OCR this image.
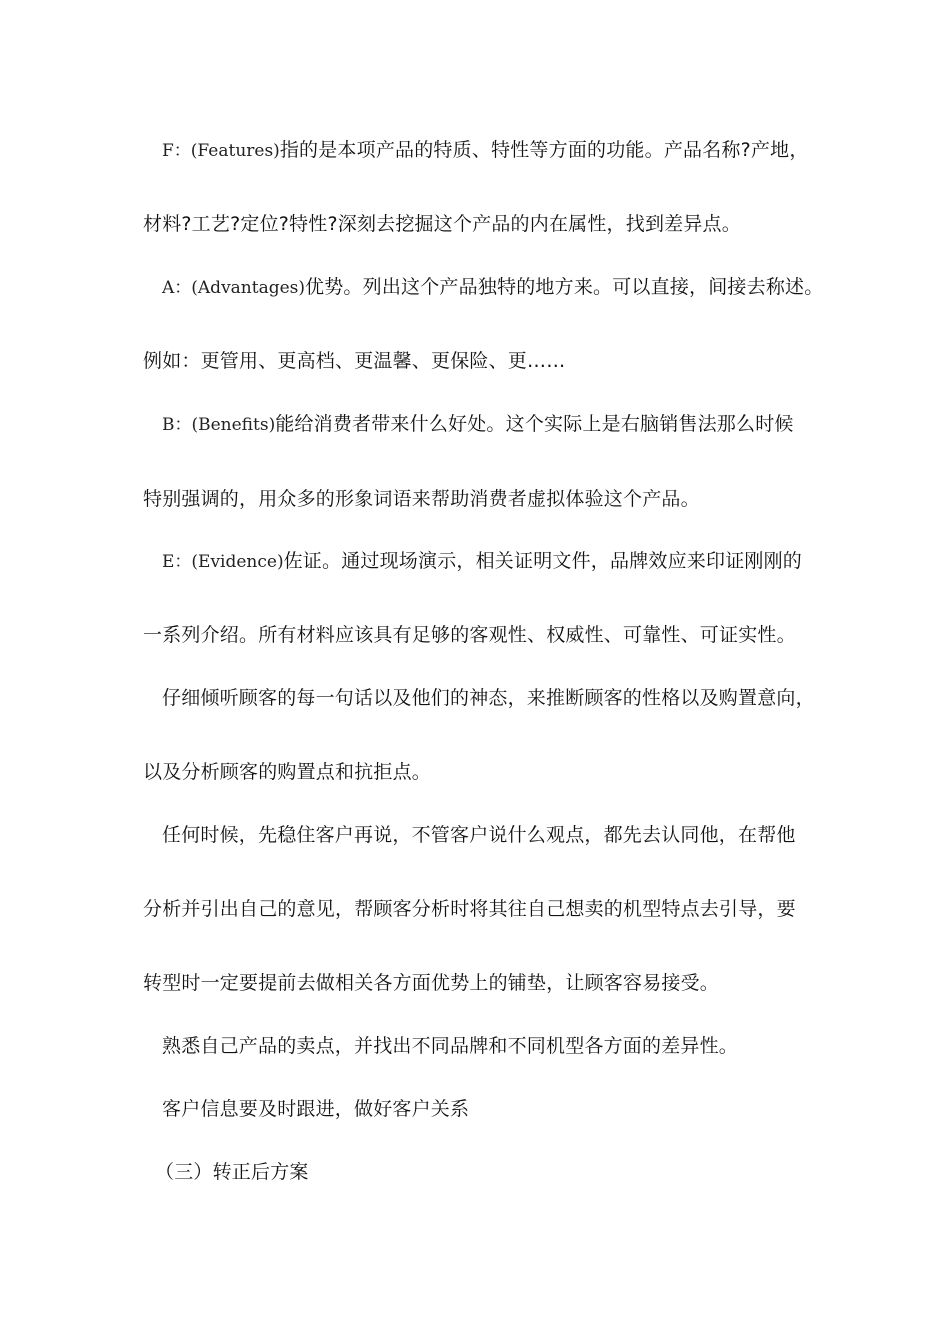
F：(Features)指的是本项产品的特质、特性等方面的功能。产品名称?产地，
材料?工艺?定位?特性?深刻去挖掘这个产品的内在属性，找到差异点。
A：(Advantages)优势。列出这个产品独特的地方来。可以直接，间接去称述。
例如：更管用、更高档、更温馨、更保险、更……
B：(Benefits)能给消费者带来什么好处。这个实际上是右脑销售法那么时候
特别强调的，用众多的形象词语来帮助消费者虚拟体验这个产品。
E：(Evidence)佐证。通过现场演示，相关证明文件，品牌效应来印证刚刚的
一系列介绍。所有材料应该具有足够的客观性、权威性、可靠性、可证实性。
仔细倾听顾客的每一句话以及他们的神态，来推断顾客的性格以及购置意向，
以及分析顾客的购置点和抗拒点。
任何时候，先稳住客户再说，不管客户说什么观点，都先去认同他，在帮他
分析并引出自己的意见，帮顾客分析时将其往自己想卖的机型特点去引导，要
转型时一定要提前去做相关各方面优势上的铺垫，让顾客容易接受。
熟悉自己产品的卖点，并找出不同品牌和不同机型各方面的差异性。
客户信息要及时跟进，做好客户关系
（三）转正后方案
